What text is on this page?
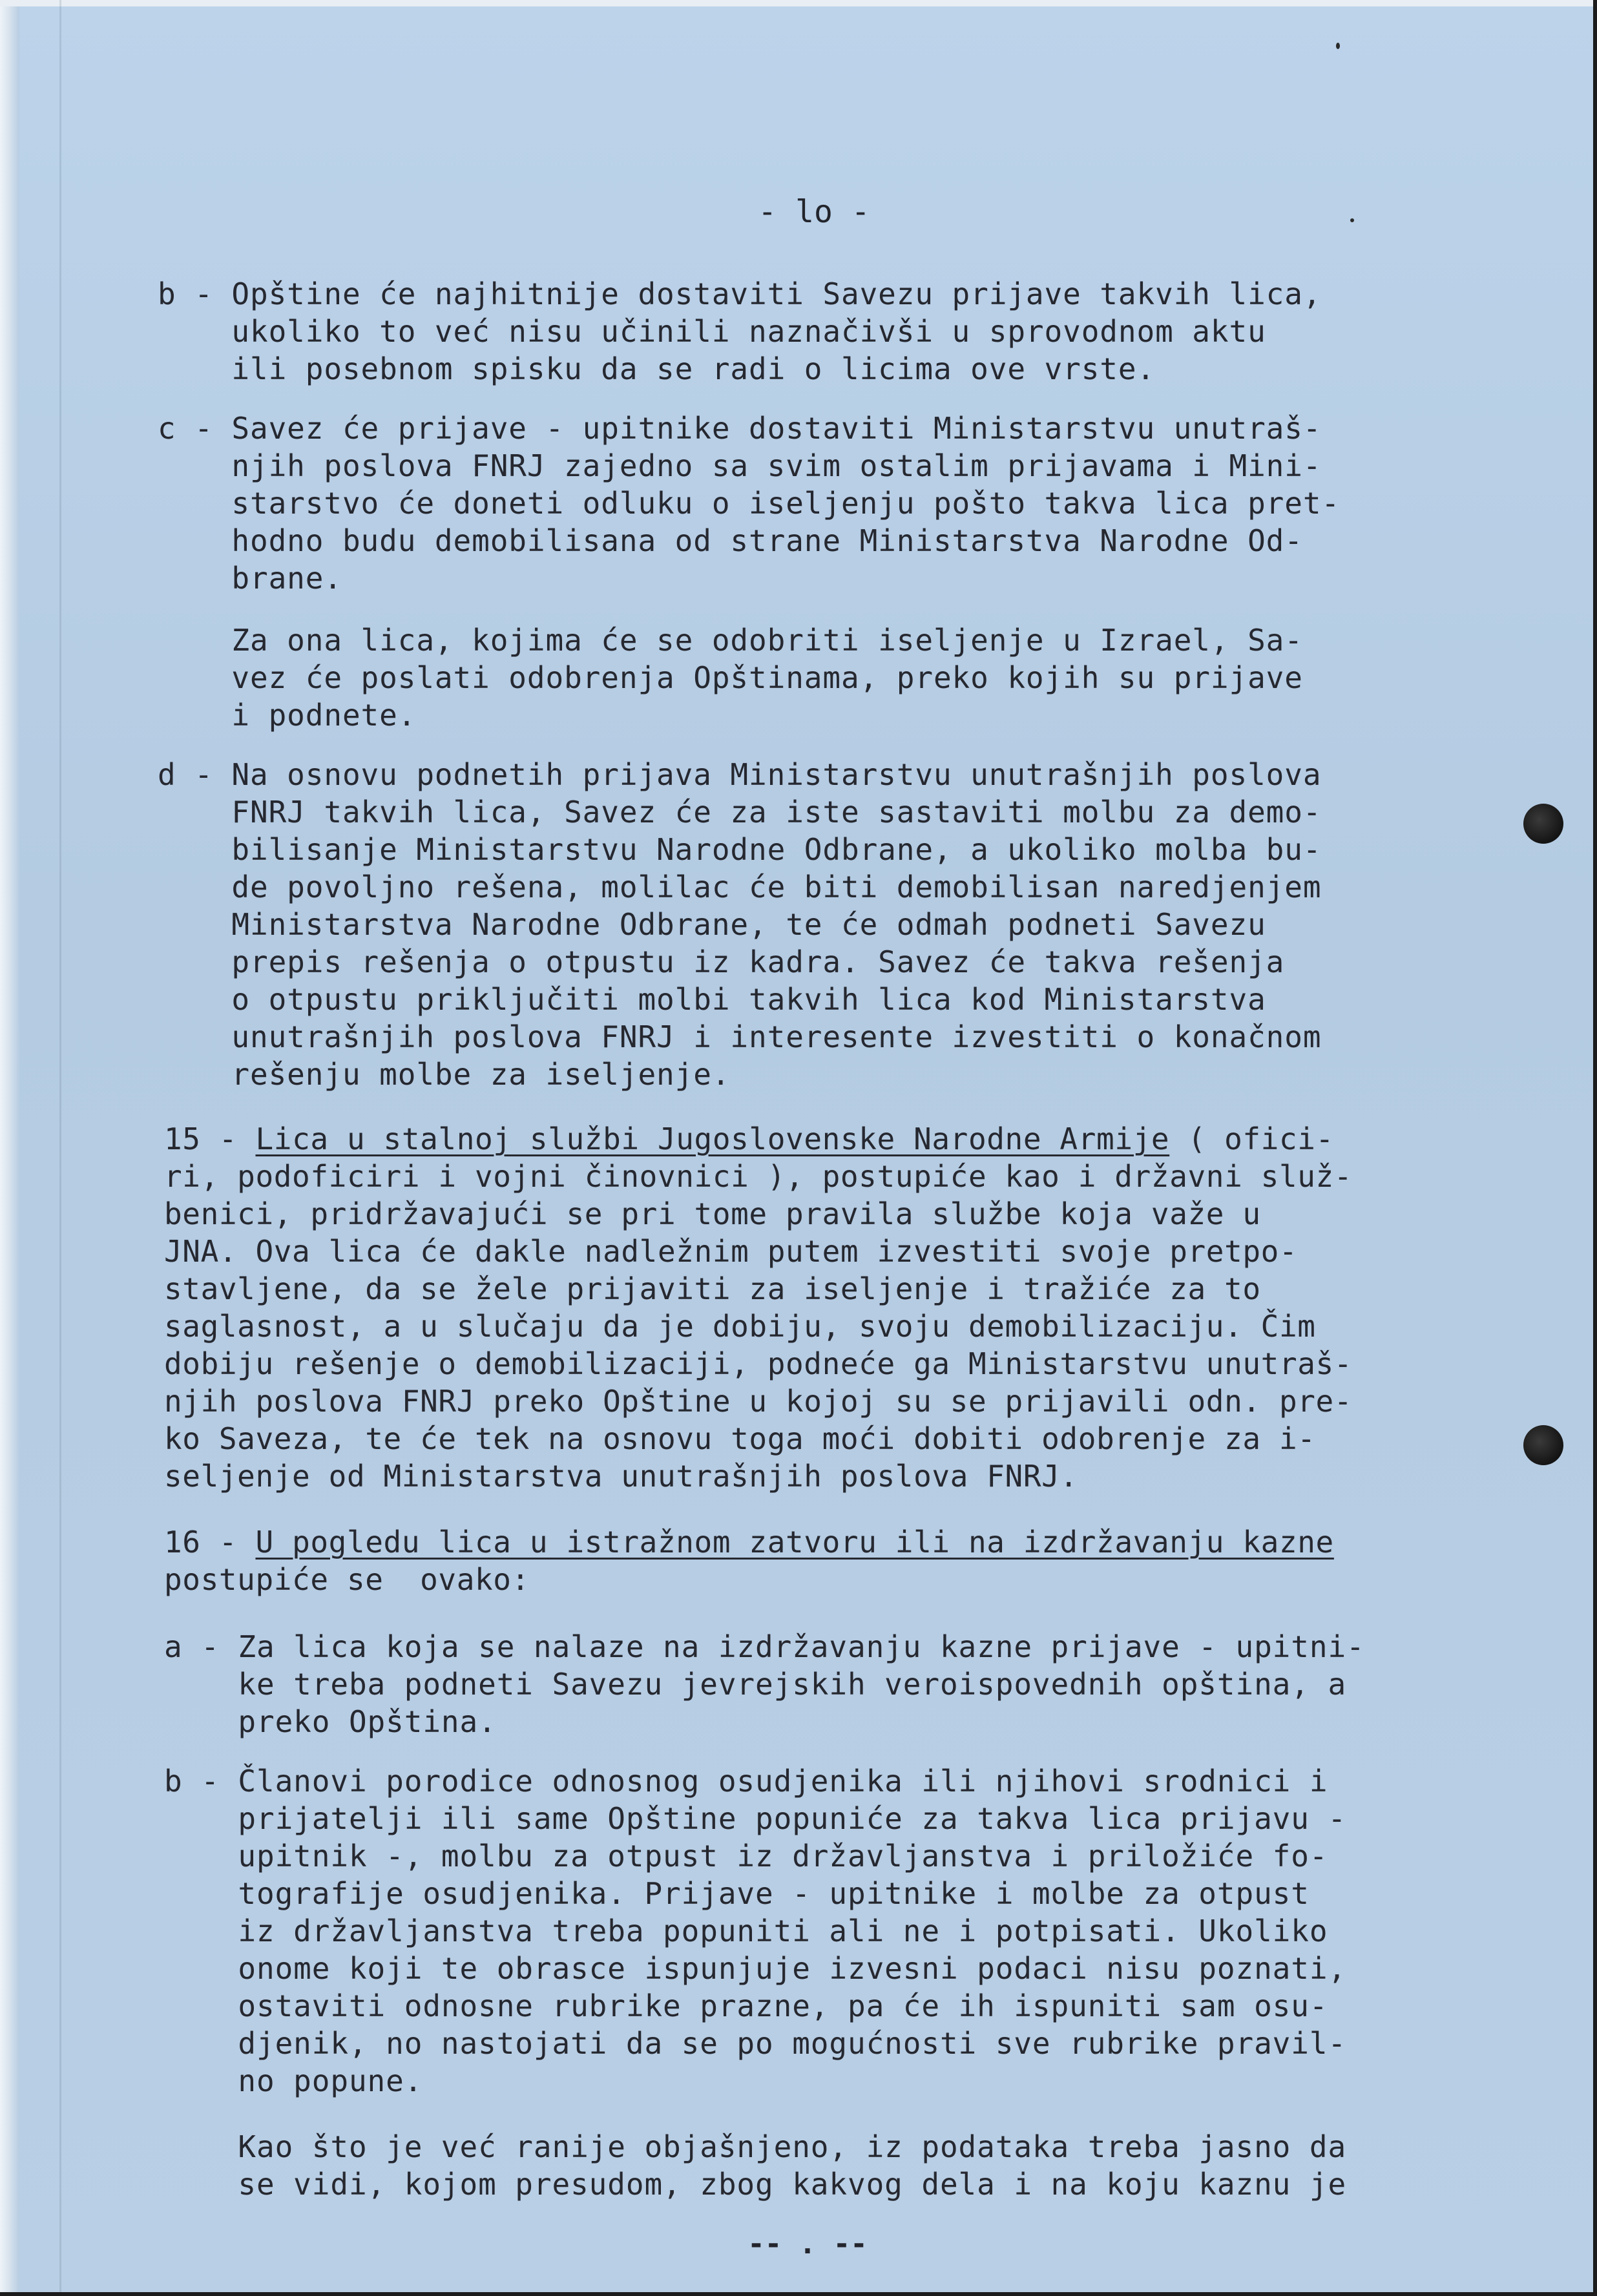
- lo -
b - Opštine će najhitnije dostaviti Savezu prijave takvih lica,
ukoliko to već nisu učinili naznačivši u sprovodnom aktu
ili posebnom spisku da se radi o licima ove vrste.
c - Savez će prijave - upitnike dostaviti Ministarstvu unutraš-
njih poslova FNRJ zajedno sa svim ostalim prijavama i Mini-
starstvo će doneti odluku o iseljenju pošto takva lica pret-
hodno budu demobilisana od strane Ministarstva Narodne Od-
brane.
Za ona lica, kojima će se odobriti iseljenje u Izrael, Sa-
vez će poslati odobrenja Opštinama, preko kojih su prijave
i podnete.
d - Na osnovu podnetih prijava Ministarstvu unutrašnjih poslova
FNRJ takvih lica, Savez će za iste sastaviti molbu za demo-
bilisanje Ministarstvu Narodne Odbrane, a ukoliko molba bu-
de povoljno rešena, molilac će biti demobilisan naredjenjem
Ministarstva Narodne Odbrane, te će odmah podneti Savezu
prepis rešenja o otpustu iz kadra. Savez će takva rešenja
o otpustu priključiti molbi takvih lica kod Ministarstva
unutrašnjih poslova FNRJ i interesente izvestiti o konačnom
rešenju molbe za iseljenje.
15 - Lica u stalnoj službi Jugoslovenske Narodne Armije ( ofici-
ri, podoficiri i vojni činovnici ), postupiće kao i državni služ-
benici, pridržavajući se pri tome pravila službe koja važe u
JNA. Ova lica će dakle nadležnim putem izvestiti svoje pretpo-
stavljene, da se žele prijaviti za iseljenje i tražiće za to
saglasnost, a u slučaju da je dobiju, svoju demobilizaciju. Čim
dobiju rešenje o demobilizaciji, podneće ga Ministarstvu unutraš-
njih poslova FNRJ preko Opštine u kojoj su se prijavili odn. pre-
ko Saveza, te će tek na osnovu toga moći dobiti odobrenje za i-
seljenje od Ministarstva unutrašnjih poslova FNRJ.
16 - U pogledu lica u istražnom zatvoru ili na izdržavanju kazne
postupiće se  ovako:
a - Za lica koja se nalaze na izdržavanju kazne prijave - upitni-
ke treba podneti Savezu jevrejskih veroispovednih opština, a
preko Opština.
b - Članovi porodice odnosnog osudjenika ili njihovi srodnici i
prijatelji ili same Opštine popuniće za takva lica prijavu -
upitnik -, molbu za otpust iz državljanstva i priložiće fo-
tografije osudjenika. Prijave - upitnike i molbe za otpust
iz državljanstva treba popuniti ali ne i potpisati. Ukoliko
onome koji te obrasce ispunjuje izvesni podaci nisu poznati,
ostaviti odnosne rubrike prazne, pa će ih ispuniti sam osu-
djenik, no nastojati da se po mogućnosti sve rubrike pravil-
no popune.
Kao što je već ranije objašnjeno, iz podataka treba jasno da
se vidi, kojom presudom, zbog kakvog dela i na koju kaznu je
-- . --
